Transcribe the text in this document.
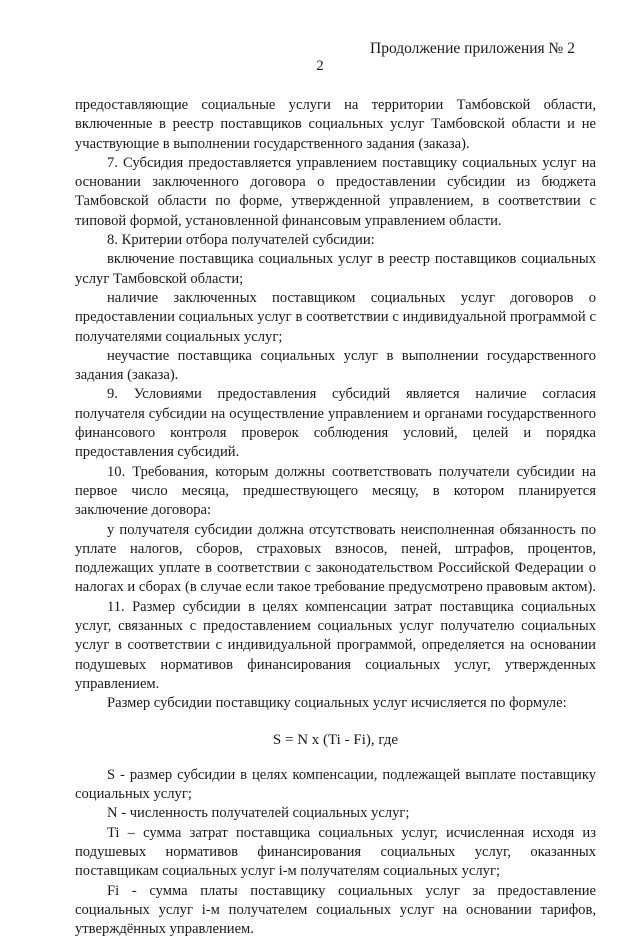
Продолжение приложения № 2
2

предоставляющие социальные услуги на территории Тамбовской области, включенные в реестр поставщиков социальных услуг Тамбовской области и не участвующие в выполнении государственного задания (заказа).

7. Субсидия предоставляется управлением поставщику социальных услуг на основании заключенного договора о предоставлении субсидии из бюджета Тамбовской области по форме, утвержденной управлением, в соответствии с типовой формой, установленной финансовым управлением области.

8. Критерии отбора получателей субсидии:

включение поставщика социальных услуг в реестр поставщиков социальных услуг Тамбовской области;

наличие заключенных поставщиком социальных услуг договоров о предоставлении социальных услуг в соответствии с индивидуальной программой с получателями социальных услуг;

неучастие поставщика социальных услуг в выполнении государственного задания (заказа).

9. Условиями предоставления субсидий является наличие согласия получателя субсидии на осуществление управлением и органами государственного финансового контроля проверок соблюдения условий, целей и порядка предоставления субсидий.

10. Требования, которым должны соответствовать получатели субсидии на первое число месяца, предшествующего месяцу, в котором планируется заключение договора:

у получателя субсидии должна отсутствовать неисполненная обязанность по уплате налогов, сборов, страховых взносов, пеней, штрафов, процентов, подлежащих уплате в соответствии с законодательством Российской Федерации о налогах и сборах (в случае если такое требование предусмотрено правовым актом).

11. Размер субсидии в целях компенсации затрат поставщика социальных услуг, связанных с предоставлением социальных услуг получателю социальных услуг в соответствии с индивидуальной программой, определяется на основании подушевых нормативов финансирования социальных услуг, утвержденных управлением.

Размер субсидии поставщику социальных услуг исчисляется по формуле:

S = N x (Ti - Fi), где

S - размер субсидии в целях компенсации, подлежащей выплате поставщику социальных услуг;

N - численность получателей социальных услуг;

Ti – сумма затрат поставщика социальных услуг, исчисленная исходя из подушевых нормативов финансирования социальных услуг, оказанных поставщикам социальных услуг i-м получателям социальных услуг;

Fi - сумма платы поставщику социальных услуг за предоставление социальных услуг i-м получателем социальных услуг на основании тарифов, утверждённых управлением.
